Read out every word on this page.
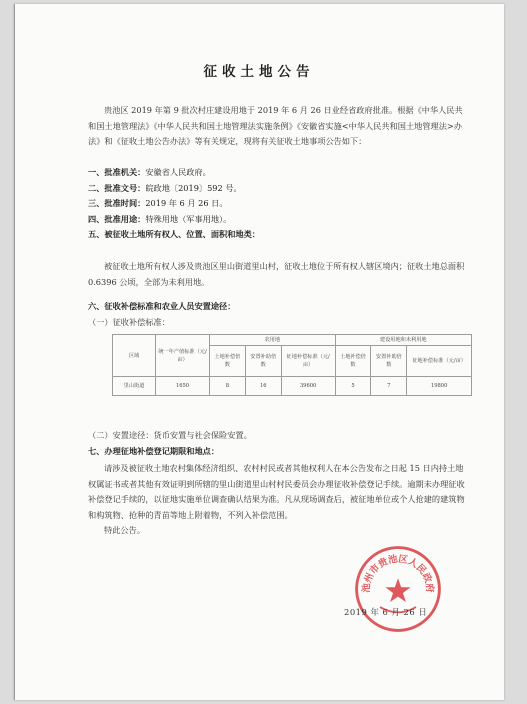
征收土地公告

贵池区 2019 年第 9 批次村庄建设用地于 2019 年 6 月 26 日业经省政府批准。根据《中华人民共和国土地管理法》《中华人民共和国土地管理法实施条例》《安徽省实施<中华人民共和国土地管理法>办法》和《征收土地公告办法》等有关规定，现将有关征收土地事项公告如下：

一、批准机关：安徽省人民政府。

二、批准文号：皖政地〔2019〕592 号。

三、批准时间：2019 年 6 月 26 日。

四、批准用途：特殊用地（军事用地）。

五、被征收土地所有权人、位置、面积和地类：

被征收土地所有权人涉及贵池区里山街道里山村，征收土地位于所有权人辖区境内；征收土地总面积 0.6396 公顷，全部为未利用地。

六、征收补偿标准和农业人员安置途径：

（一）征收补偿标准：

区域	统一年产值标准（元/亩）	农用地			建设用地和未利用地		
		土地补偿倍数	安置补助倍数	征地补偿标准（元/亩）	土地补偿倍数	安置补助倍数	征地补偿标准（元/亩）
里山街道	1650	8	16	39600	5	7	19800

（二）安置途径：货币安置与社会保险安置。

七、办理征地补偿登记期限和地点：

请涉及被征收土地农村集体经济组织、农村村民或者其他权利人在本公告发布之日起 15 日内持土地权属证书或者其他有效证明到所辖的里山街道里山村村民委员会办理征收补偿登记手续。逾期未办理征收补偿登记手续的，以征地实施单位调查确认结果为准。凡从现场调查后，被征地单位或个人抢建的建筑物和构筑物、抢种的青苗等地上附着物，不列入补偿范围。

特此公告。

池州市贵池区人民政府
2019 年 6 月 26 日
